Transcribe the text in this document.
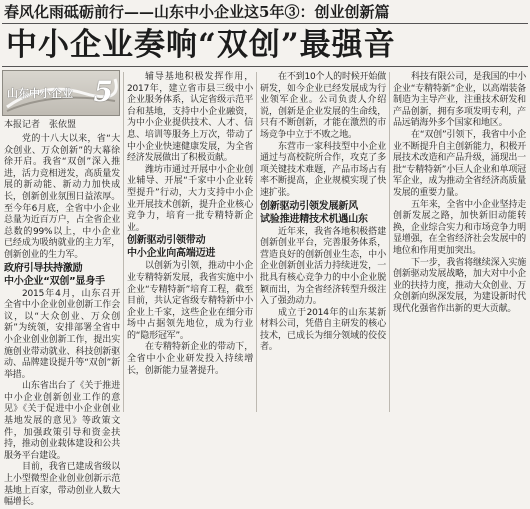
春风化雨砥砺前行——山东中小企业这5年③：创业创新篇
中小企业奏响“双创”最强音
山东中小企业 5
本报记者　张依盟

党的十八大以来，省“大众创业、万众创新”的大幕徐徐开启。我省“双创”深入推进，活力竞相迸发，高质量发展的新动能、新动力加快成长，创新创业氛围日益浓厚。至今年6月底，全省中小企业总量为近百万户，占全省企业总数的99%以上，中小企业已经成为吸纳就业的主力军，创新创业的生力军。

政府引导扶持激励

中小企业“双创”显身手

2015年4月，山东召开全省中小企业创业创新工作会议，以“大众创业、万众创新”为统领，安排部署全省中小企业创业创新工作，提出实施创业带动就业、科技创新驱动、品牌建设提升等“双创”新举措。

山东省出台了《关于推进中小企业创新创业工作的意见》《关于促进中小企业创业基地发展的意见》等政策文件，加强政策引导和资金扶持，推动创业载体建设和公共服务平台建设。

目前，我省已建成省级以上小型微型企业创业创新示范基地上百家，带动创业人数大幅增长。

辅导基地积极发挥作用，2017年，建立省市县三级中小企业服务体系，认定省级示范平台和基地，支持中小企业融资，为中小企业提供技术、人才、信息、培训等服务上万次，带动了中小企业快速健康发展，为全省经济发展做出了积极贡献。

潍坊市通过开展中小企业创业辅导、开展“千家中小企业转型提升”行动，大力支持中小企业开展技术创新，提升企业核心竞争力，培育一批专精特新企业。

创新驱动引领带动

中小企业向高端迈进

以创新为引领，推动中小企业专精特新发展，我省实施中小企业“专精特新”培育工程，截至目前，共认定省级专精特新中小企业上千家，这些企业在细分市场中占据领先地位，成为行业的“隐形冠军”。

在专精特新企业的带动下，全省中小企业研发投入持续增长，创新能力显著提升。

在不到10个人的时候开始做研发，如今企业已经发展成为行业领军企业。公司负责人介绍说，创新是企业发展的生命线，只有不断创新，才能在激烈的市场竞争中立于不败之地。

东营市一家科技型中小企业通过与高校院所合作，攻克了多项关键技术难题，产品市场占有率不断提高，企业规模实现了快速扩张。

创新驱动引领发展新风

试验推进精技术机遇山东

近年来，我省各地积极搭建创新创业平台，完善服务体系，营造良好的创新创业生态，中小企业创新创业活力持续迸发，一批具有核心竞争力的中小企业脱颖而出，为全省经济转型升级注入了强劲动力。

成立于2014年的山东某新材料公司，凭借自主研发的核心技术，已成长为细分领域的佼佼者。

科技有限公司，是我国的中小企业“专精特新”企业，以高端装备制造为主导产业，注重技术研发和产品创新，拥有多项发明专利，产品远销海外多个国家和地区。

在“双创”引领下，我省中小企业不断提升自主创新能力，积极开展技术改造和产品升级，涌现出一批“专精特新”小巨人企业和单项冠军企业，成为推动全省经济高质量发展的重要力量。

五年来，全省中小企业坚持走创新发展之路，加快新旧动能转换，企业综合实力和市场竞争力明显增强，在全省经济社会发展中的地位和作用更加突出。

下一步，我省将继续深入实施创新驱动发展战略，加大对中小企业的扶持力度，推动大众创业、万众创新向纵深发展，为建设新时代现代化强省作出新的更大贡献。
